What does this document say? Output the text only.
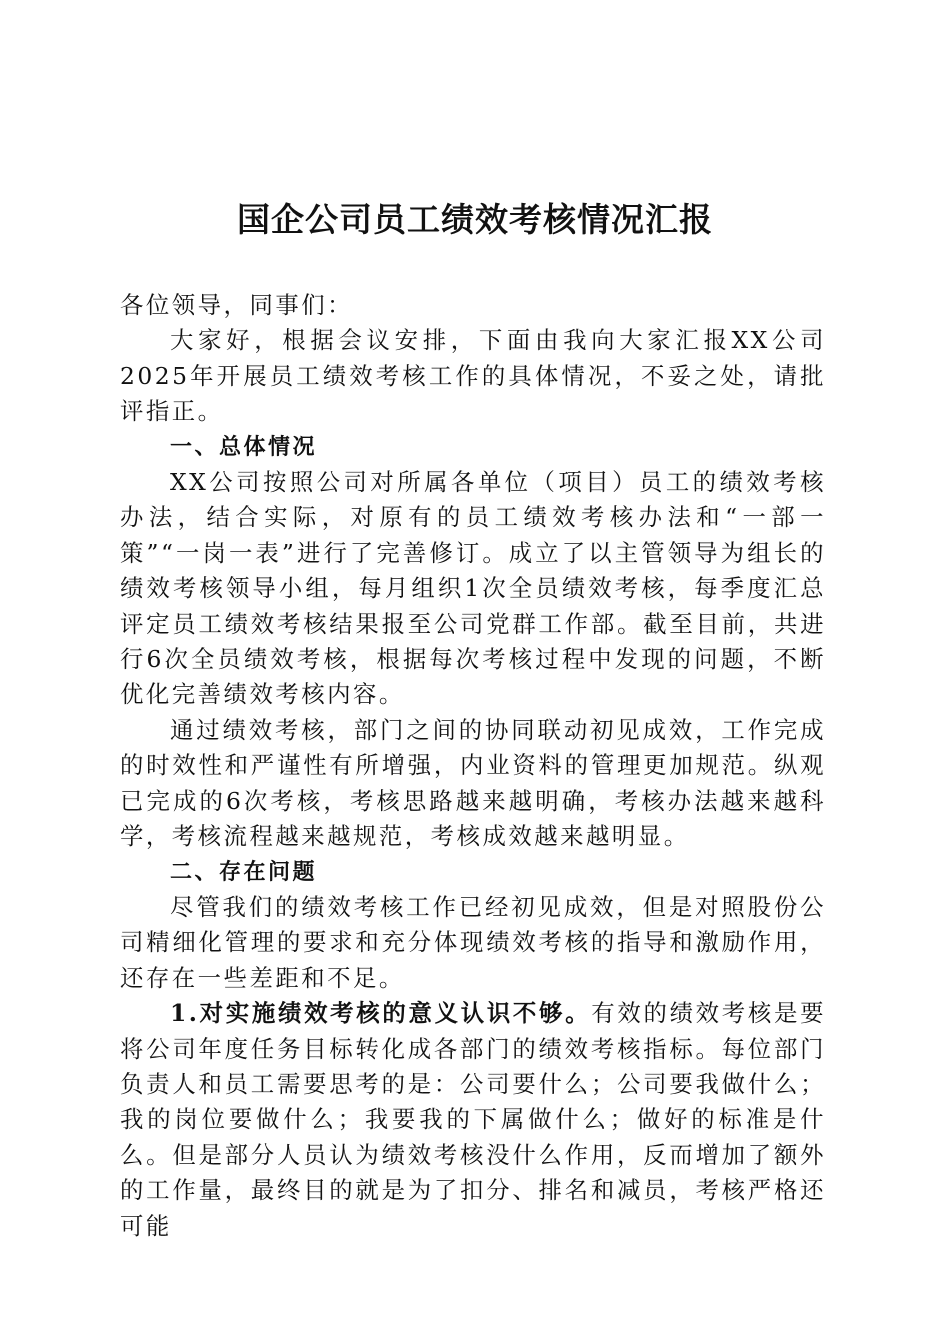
国企公司员工绩效考核情况汇报

各位领导，同事们：

大家好，根据会议安排，下面由我向大家汇报XX公司2025年开展员工绩效考核工作的具体情况，不妥之处，请批评指正。

一、总体情况

XX公司按照公司对所属各单位（项目）员工的绩效考核办法，结合实际，对原有的员工绩效考核办法和“一部一策”“一岗一表”进行了完善修订。成立了以主管领导为组长的绩效考核领导小组，每月组织1次全员绩效考核，每季度汇总评定员工绩效考核结果报至公司党群工作部。截至目前，共进行6次全员绩效考核，根据每次考核过程中发现的问题，不断优化完善绩效考核内容。

通过绩效考核，部门之间的协同联动初见成效，工作完成的时效性和严谨性有所增强，内业资料的管理更加规范。纵观已完成的6次考核，考核思路越来越明确，考核办法越来越科学，考核流程越来越规范，考核成效越来越明显。

二、存在问题

尽管我们的绩效考核工作已经初见成效，但是对照股份公司精细化管理的要求和充分体现绩效考核的指导和激励作用，还存在一些差距和不足。

1.对实施绩效考核的意义认识不够。有效的绩效考核是要将公司年度任务目标转化成各部门的绩效考核指标。每位部门负责人和员工需要思考的是：公司要什么；公司要我做什么；我的岗位要做什么；我要我的下属做什么；做好的标准是什么。但是部分人员认为绩效考核没什么作用，反而增加了额外的工作量，最终目的就是为了扣分、排名和减员，考核严格还可能
